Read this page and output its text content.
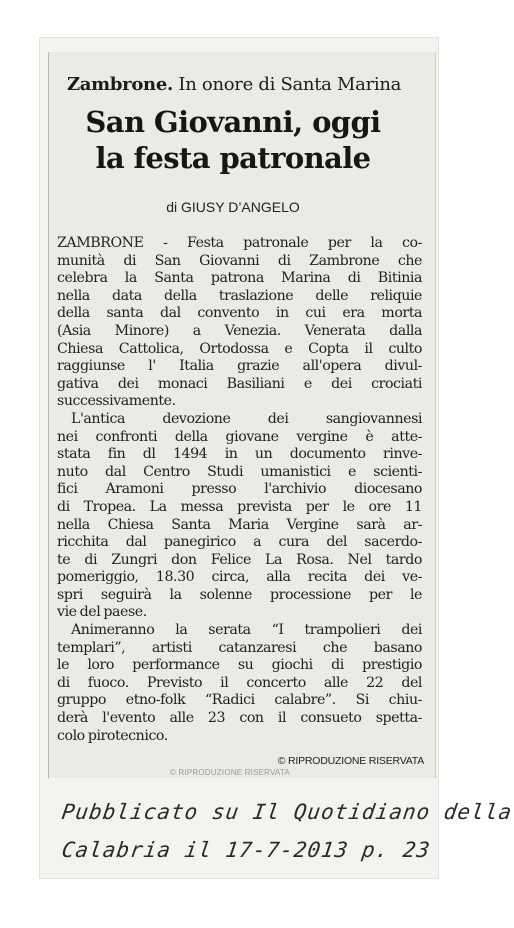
Zambrone. In onore di Santa Marina
San Giovanni, oggi
la festa patronale
di GIUSY D’ANGELO
ZAMBRONE - Festa patronale per la co-
munità di San Giovanni di Zambrone che
celebra la Santa patrona Marina di Bitinia
nella data della traslazione delle reliquie
della santa dal convento in cui era morta
(Asia Minore) a Venezia. Venerata dalla
Chiesa Cattolica, Ortodossa e Copta il culto
raggiunse l' Italia grazie all'opera divul-
gativa dei monaci Basiliani e dei crociati
successivamente.
L'antica devozione dei sangiovannesi
nei confronti della giovane vergine è atte-
stata fin dl 1494 in un documento rinve-
nuto dal Centro Studi umanistici e scienti-
fici Aramoni presso l'archivio diocesano
di Tropea. La messa prevista per le ore 11
nella Chiesa Santa Maria Vergine sarà ar-
ricchita dal panegirico a cura del sacerdo-
te di Zungri don Felice La Rosa. Nel tardo
pomeriggio, 18.30 circa, alla recita dei ve-
spri seguirà la solenne processione per le
vie del paese.
Animeranno la serata “I trampolieri dei
templari”, artisti catanzaresi che basano
le loro performance su giochi di prestigio
di fuoco. Previsto il concerto alle 22 del
gruppo etno-folk “Radici calabre”. Si chiu-
derà l'evento alle 23 con il consueto spetta-
colo pirotecnico.
© RIPRODUZIONE RISERVATA
© RIPRODUZIONE RISERVATA
Pubblicato su Il Quotidiano della
Calabria il 17-7-2013 p. 23
